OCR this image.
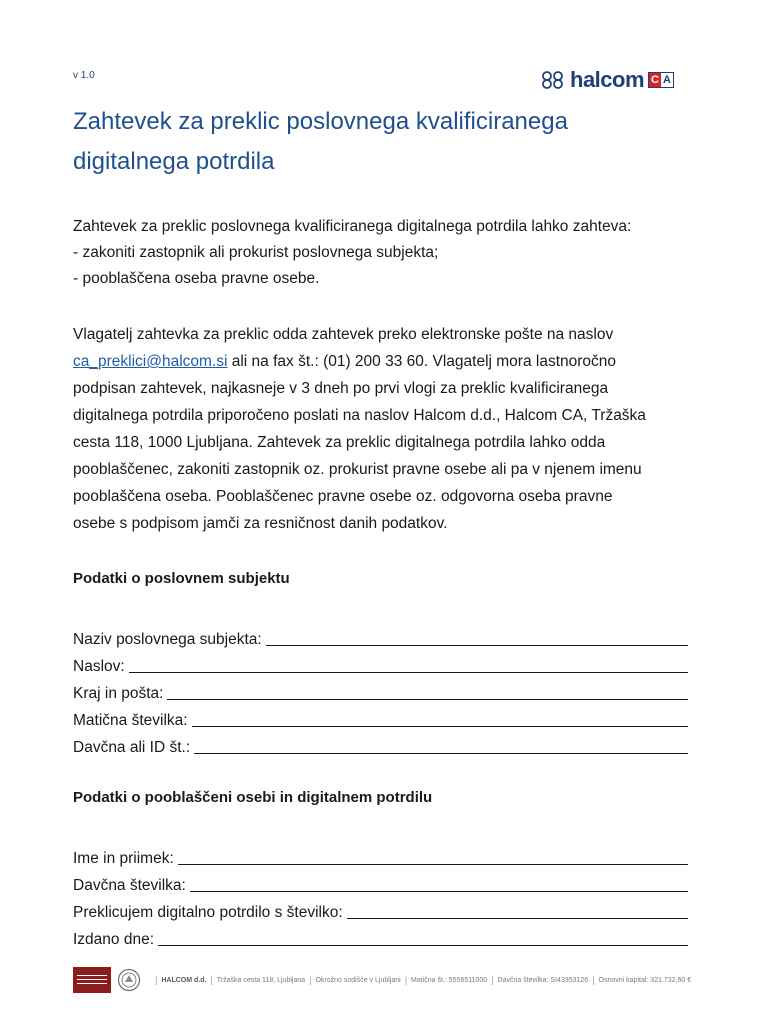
v 1.0	halcom C A
Zahtevek za preklic poslovnega kvalificiranega
digitalnega potrdila
Zahtevek za preklic poslovnega kvalificiranega digitalnega potrdila lahko zahteva:
- zakoniti zastopnik ali prokurist poslovnega subjekta;
- pooblaščena oseba pravne osebe.
Vlagatelj zahtevka za preklic odda zahtevek preko elektronske pošte na naslov
ca_preklici@halcom.si ali na fax št.: (01) 200 33 60. Vlagatelj mora lastnoročno
podpisan zahtevek, najkasneje v 3 dneh po prvi vlogi za preklic kvalificiranega
digitalnega potrdila priporočeno poslati na naslov Halcom d.d., Halcom CA, Tržaška
cesta 118, 1000 Ljubljana. Zahtevek za preklic digitalnega potrdila lahko odda
pooblaščenec, zakoniti zastopnik oz. prokurist pravne osebe ali pa v njenem imenu
pooblaščena oseba. Pooblaščenec pravne osebe oz. odgovorna oseba pravne
osebe s podpisom jamči za resničnost danih podatkov.
Podatki o poslovnem subjektu
Naziv poslovnega subjekta:
Naslov:
Kraj in pošta:
Matična številka:
Davčna ali ID št.:
Podatki o pooblaščeni osebi in digitalnem potrdilu
Ime in priimek:
Davčna številka:
Preklicujem digitalno potrdilo s številko:
Izdano dne:
| HALCOM d.d. | Tržaška cesta 118, Ljubljana | Okrožno sodišče v Ljubljani | Matična št.: 5556511000 | Davčna številka: SI43353126 | Osnovni kapital: 321.732,60 €
